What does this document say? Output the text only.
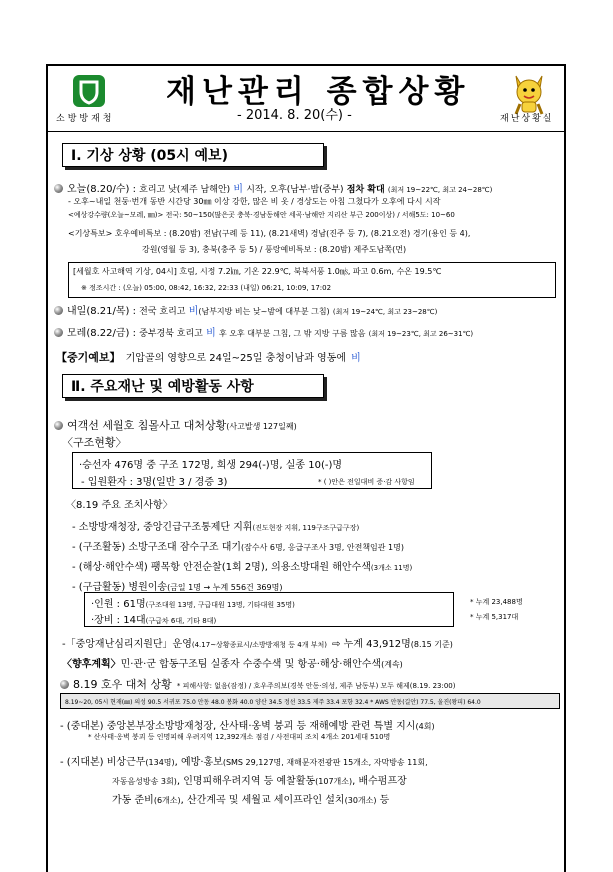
소방방재청
재난관리 종합상황
- 2014. 8. 20(수) -	재난상황실
Ⅰ. 기상 상황 (05시 예보)
오늘(8.20/수) : 흐리고 낮(제주 남해안) 비 시작, 오후(남부·밤(중부) 점차 확대 (최저 19~22℃, 최고 24~28℃)
- 오후~내일 천둥·번개 동반 시간당 30㎜ 이상 강한, 많은 비 옷 / 경상도는 아침 그쳤다가 오후에 다시 시작
<예상강수량(오늘~모레, ㎜)> 전국: 50~150(많은곳 충북·경남동해안 세곡·남해안 지리산 부근 200이상) / 서해5도: 10~60
<기상특보> 호우예비특보 : (8.20밤) 전남(구례 등 11), (8.21새벽) 경남(진주 등 7), (8.21오전) 경기(용인 등 4),
강원(영월 등 3), 충북(충주 등 5) / 풍랑예비특보 : (8.20밤) 제주도남쪽(먼)
[세월호 사고해역 기상, 04시] 흐림, 시정 7.2㎞, 기온 22.9℃, 북북서풍 1.0㎧, 파고 0.6m, 수온 19.5℃
※ 정조시간 : (오늘) 05:00, 08:42, 16:32, 22:33 (내일) 06:21, 10:09, 17:02
내일(8.21/목) : 전국 흐리고 비(남부지방 비는 낮~밤에 대부분 그침) (최저 19~24℃, 최고 23~28℃)
모레(8.22/금) : 중부경북 흐리고 비 후 오후 대부분 그침, 그 밖 지방 구름 많음 (최저 19~23℃, 최고 26~31℃)
【중기예보】 기압골의 영향으로 24일~25일 충청이남과 영동에 비
Ⅱ. 주요재난 및 예방활동 사항
여객선 세월호 침몰사고 대처상황(사고발생 127일째)
〈구조현황〉
·승선자 476명 중 구조 172명, 희생 294(-)명, 실종 10(-)명
- 입원환자 : 3명(일반 3 / 경증 3)	* ( )안은 전일대비 증·감 사항임
〈8.19 주요 조치사항〉
- 소방방재청장, 중앙긴급구조통제단 지휘(진도현장 지휘, 119구조구급구장)
- (구조활동) 소방구조대 잠수구조 대기(잠수사 6명, 응급구조사 3명, 안전책임관 1명)
- (해상·해안수색) 팽목항 안전순찰(1회 2명), 의용소방대원 해안수색(3개소 11명)
- (구급활동) 병원이송(금일 1명 → 누계 556건 369명)
·인원 : 61명(구조대원 13명, 구급대원 13명, 기타대원 35명)
·장비 : 14대(구급차 6대, 기타 8대)
* 누계 23,488명
* 누계 5,317대
-「중앙재난심리지원단」운영(4.17~상황종료시/소방방재청 등 4개 부처) ⇨ 누계 43,912명(8.15 기준)
〈향후계획〉민·관·군 합동구조팀 실종자 수중수색 및 항공·해상·해안수색(계속)
8.19 호우 대처 상황 * 피해사항: 없음(잠정) / 호우주의보(경북 안동·의성, 제주 남동부) 모두 해제(8.19. 23:00)
8.19~20, 05시 현재(㎜) 의성 90.5 서귀포 75.0 안동 48.0 봉화 40.0 양산 34.5 정선 33.5 제주 33.4 포항 32.4 * AWS 안동(길안) 77.5, 울진(왕피) 64.0
- (중대본) 중앙본부장소방방재청장, 산사태·옹벽 붕괴 등 재해예방 관련 특별 지시(4회)
* 산사태·옹벽 붕괴 등 인명피해 우려지역 12,392개소 점검 / 사전대피 조치 4개소 201세대 510명
- (지대본) 비상근무(134명), 예방·홍보(SMS 29,127명, 재해문자전광판 15개소, 자막방송 11회,
자동음성방송 3회), 인명피해우려지역 등 예찰활동(107개소), 배수펌프장
가동 준비(6개소), 산간계곡 및 세월교 세이프라인 설치(30개소) 등
